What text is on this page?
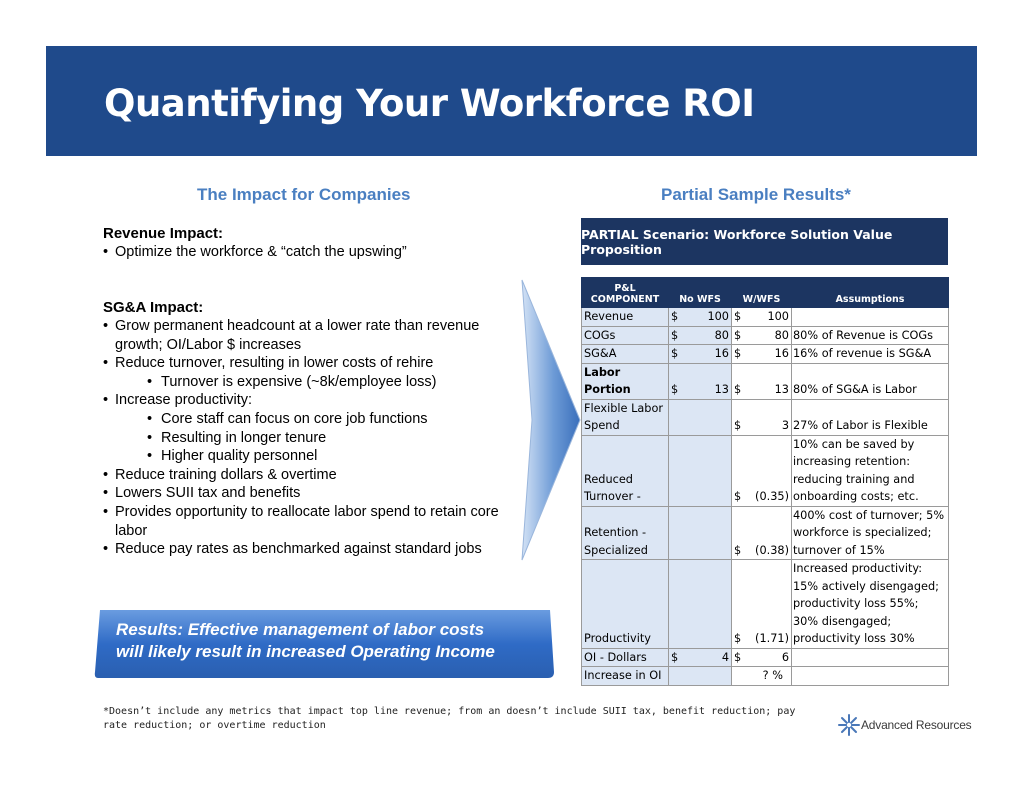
Quantifying Your Workforce ROI
The Impact for Companies	Partial Sample Results*
Revenue Impact:
• Optimize the workforce & “catch the upswing”
SG&A Impact:
• Grow permanent headcount at a lower rate than revenue growth; OI/Labor $ increases
• Reduce turnover, resulting in lower costs of rehire
• Turnover is expensive (~8k/employee loss)
• Increase productivity:
• Core staff can focus on core job functions
• Resulting in longer tenure
• Higher quality personnel
• Reduce training dollars & overtime
• Lowers SUII tax and benefits
• Provides opportunity to reallocate labor spend to retain core labor
• Reduce pay rates as benchmarked against standard jobs
Results: Effective management of labor costs
will likely result in increased Operating Income
PARTIAL Scenario: Workforce Solution Value Proposition
P&L COMPONENT	No WFS	W/WFS	Assumptions
Revenue	$ 100	$ 100	

COGs	$ 80	$ 80	80% of Revenue is COGs
SG&A	$ 16	$ 16	16% of revenue is SG&A
Labor Portion	$ 13	$ 13	80% of SG&A is Labor
Flexible Labor Spend		$ 3	27% of Labor is Flexible
Reduced Turnover -		$ (0.35)	10% can be saved by increasing retention: reducing training and onboarding costs; etc.
Retention - Specialized		$ (0.38)	400% cost of turnover; 5% workforce is specialized; turnover of 15%
Productivity		$ (1.71)	Increased productivity: 15% actively disengaged; productivity loss 55%; 30% disengaged; productivity loss 30%
OI - Dollars	$ 4	$ 6	

Increase in OI		? %	

*Doesn’t include any metrics that impact top line revenue; from an doesn’t include SUII tax, benefit reduction; pay rate reduction; or overtime reduction	Advanced Resources
